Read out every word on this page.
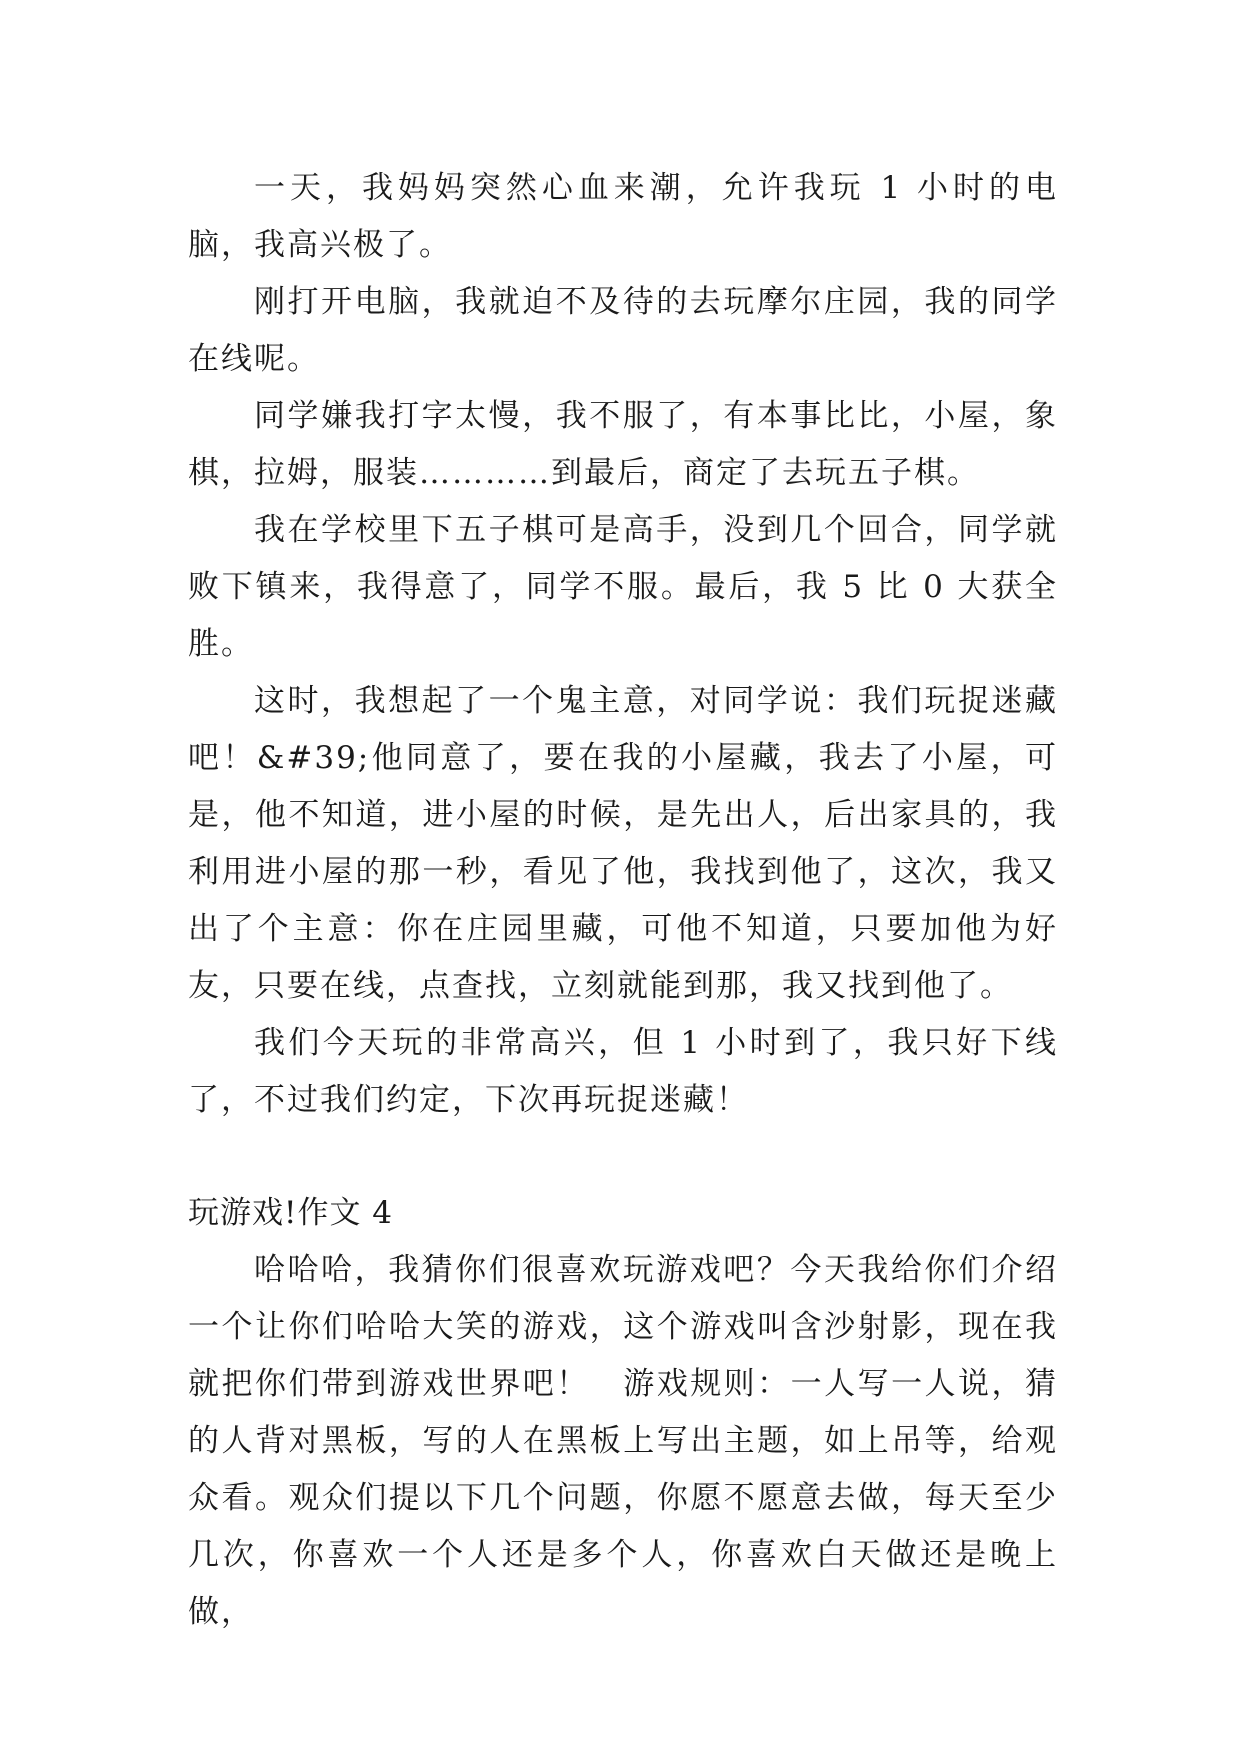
一天，我妈妈突然心血来潮，允许我玩 1 小时的电脑，我高兴极了。

刚打开电脑，我就迫不及待的去玩摩尔庄园，我的同学在线呢。

同学嫌我打字太慢，我不服了，有本事比比，小屋，象棋，拉姆，服装…………到最后，商定了去玩五子棋。

我在学校里下五子棋可是高手，没到几个回合，同学就败下镇来，我得意了，同学不服。最后，我 5 比 0 大获全胜。

这时，我想起了一个鬼主意，对同学说：我们玩捉迷藏吧！&#39;他同意了，要在我的小屋藏，我去了小屋，可是，他不知道，进小屋的时候，是先出人，后出家具的，我利用进小屋的那一秒，看见了他，我找到他了，这次，我又出了个主意：你在庄园里藏，可他不知道，只要加他为好友，只要在线，点查找，立刻就能到那，我又找到他了。

我们今天玩的非常高兴，但 1 小时到了，我只好下线了，不过我们约定，下次再玩捉迷藏！

玩游戏!作文 4

哈哈哈，我猜你们很喜欢玩游戏吧？今天我给你们介绍一个让你们哈哈大笑的游戏，这个游戏叫含沙射影，现在我就把你们带到游戏世界吧！　游戏规则：一人写一人说，猜的人背对黑板，写的人在黑板上写出主题，如上吊等，给观众看。观众们提以下几个问题，你愿不愿意去做，每天至少几次，你喜欢一个人还是多个人，你喜欢白天做还是晚上做，
